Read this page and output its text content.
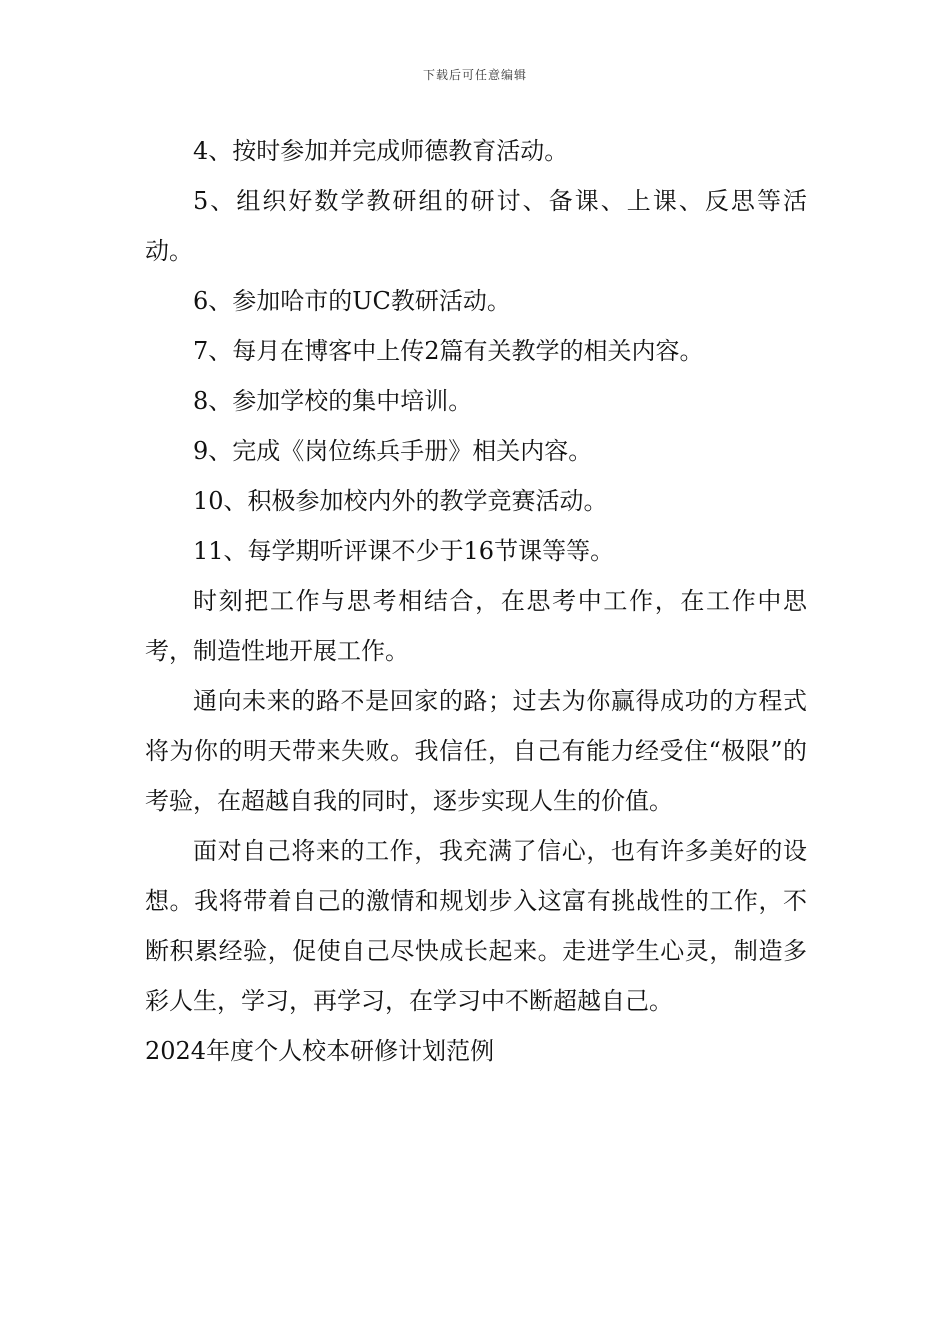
下载后可任意编辑

4、按时参加并完成师德教育活动。

5、组织好数学教研组的研讨、备课、上课、反思等活动。

6、参加哈市的UC教研活动。

7、每月在博客中上传2篇有关教学的相关内容。

8、参加学校的集中培训。

9、完成《岗位练兵手册》相关内容。

10、积极参加校内外的教学竞赛活动。

11、每学期听评课不少于16节课等等。

时刻把工作与思考相结合，在思考中工作，在工作中思考，制造性地开展工作。

通向未来的路不是回家的路；过去为你赢得成功的方程式将为你的明天带来失败。我信任，自己有能力经受住“极限”的考验，在超越自我的同时，逐步实现人生的价值。

面对自己将来的工作，我充满了信心，也有许多美好的设想。我将带着自己的激情和规划步入这富有挑战性的工作，不断积累经验，促使自己尽快成长起来。走进学生心灵，制造多彩人生，学习，再学习，在学习中不断超越自己。

2024年度个人校本研修计划范例
